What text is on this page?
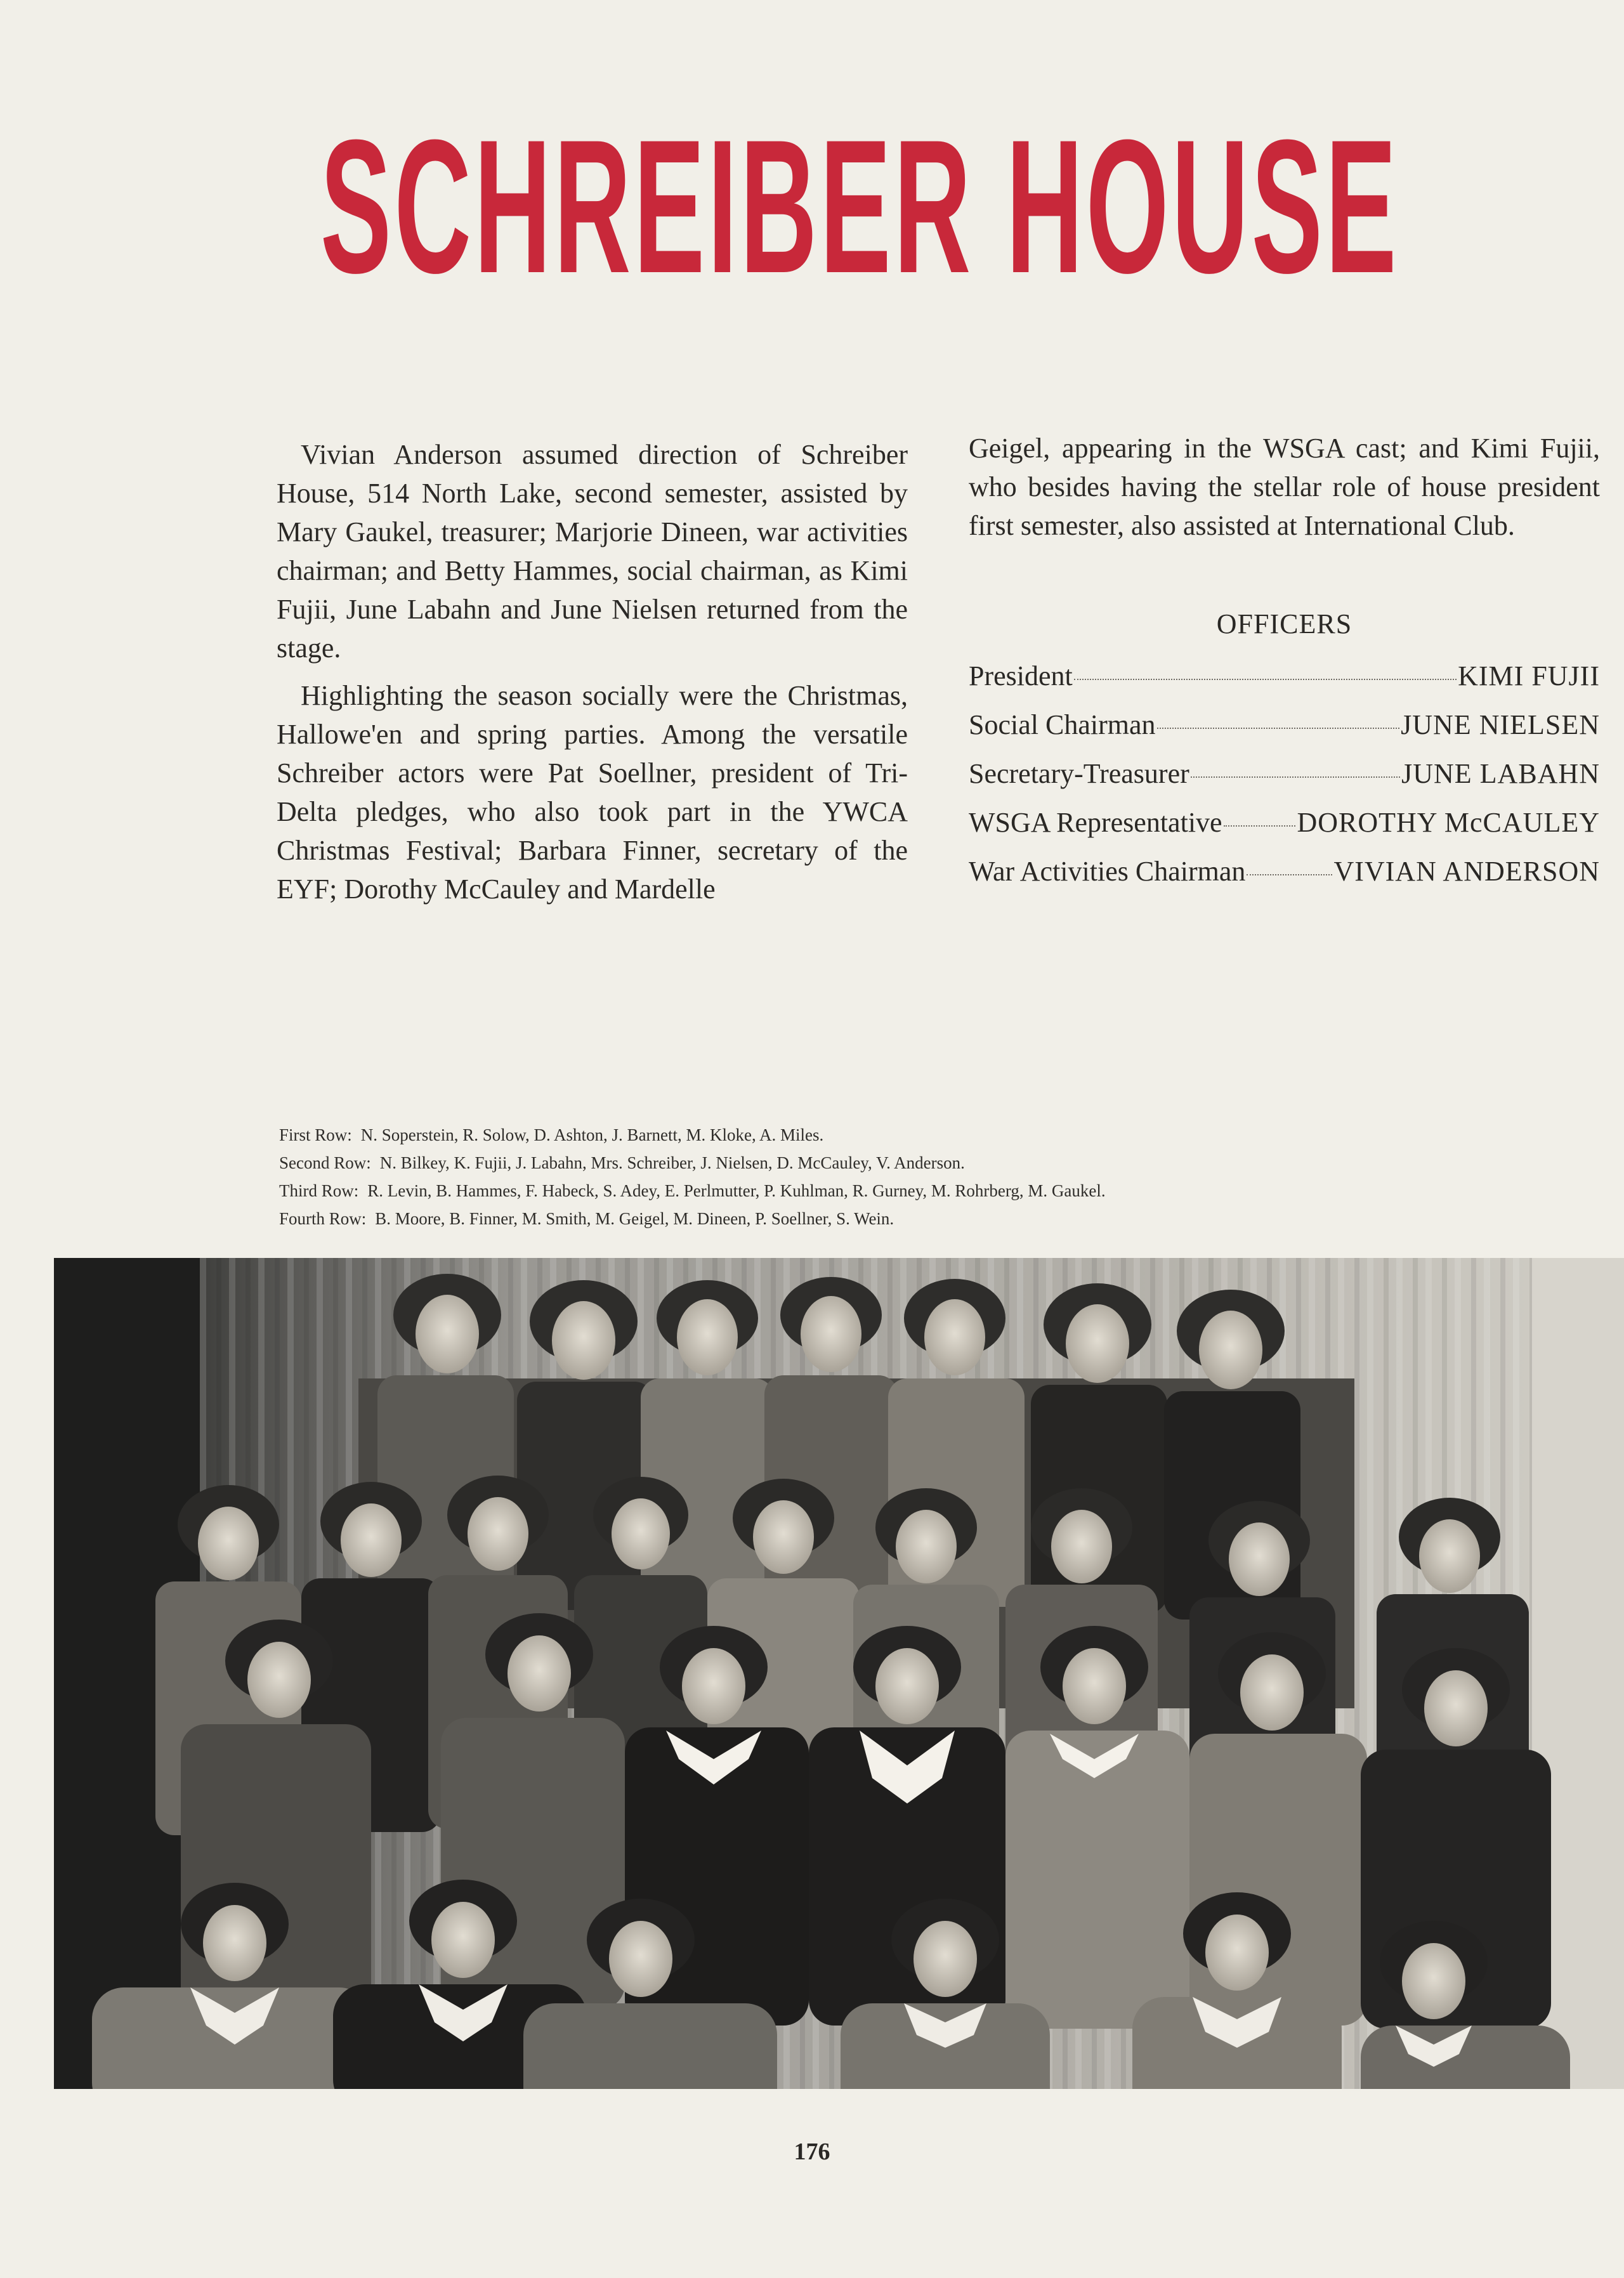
SCHREIBER HOUSE

Vivian Anderson assumed direction of Schreiber House, 514 North Lake, second semester, assisted by Mary Gaukel, treasurer; Marjorie Dineen, war activities chairman; and Betty Hammes, social chairman, as Kimi Fujii, June Labahn and June Nielsen returned from the stage.

Highlighting the season socially were the Christmas, Hallowe'en and spring parties. Among the versatile Schreiber actors were Pat Soellner, president of Tri-Delta pledges, who also took part in the YWCA Christmas Festival; Barbara Finner, secretary of the EYF; Dorothy McCauley and Mardelle

Geigel, appearing in the WSGA cast; and Kimi Fujii, who besides having the stellar role of house president first semester, also assisted at International Club.

OFFICERS
President	KIMI FUJII
Social Chairman	JUNE NIELSEN
Secretary-Treasurer	JUNE LABAHN
WSGA Representative	DOROTHY McCAULEY
War Activities Chairman	VIVIAN ANDERSON
First Row: N. Soperstein, R. Solow, D. Ashton, J. Barnett, M. Kloke, A. Miles.
Second Row: N. Bilkey, K. Fujii, J. Labahn, Mrs. Schreiber, J. Nielsen, D. McCauley, V. Anderson.
Third Row: R. Levin, B. Hammes, F. Habeck, S. Adey, E. Perlmutter, P. Kuhlman, R. Gurney, M. Rohrberg, M. Gaukel.
Fourth Row: B. Moore, B. Finner, M. Smith, M. Geigel, M. Dineen, P. Soellner, S. Wein.
176
